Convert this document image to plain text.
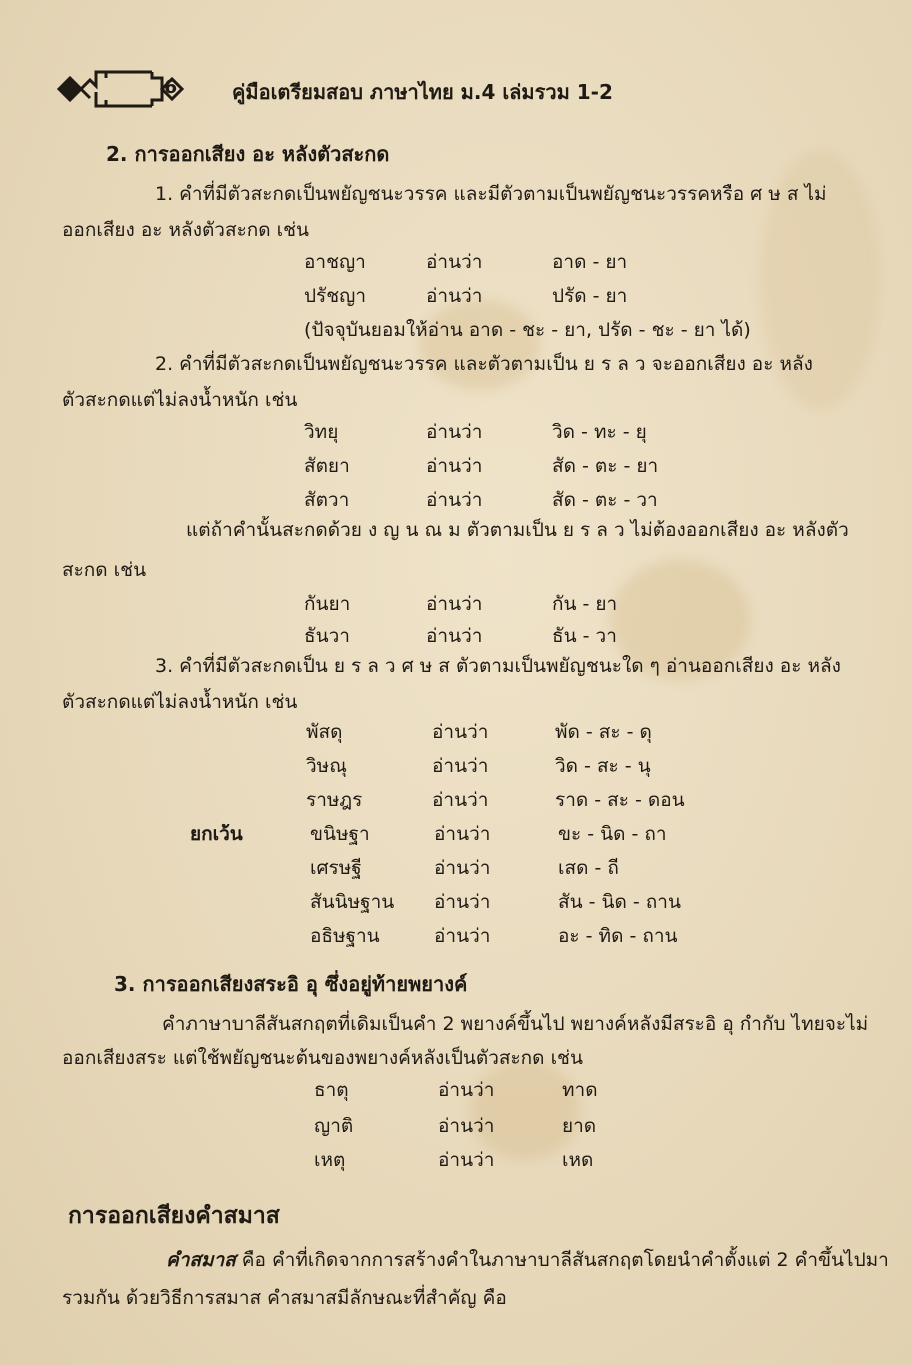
6	คู่มือเตรียมสอบ ภาษาไทย ม.4 เล่มรวม 1-2
2. การออกเสียง อะ หลังตัวสะกด
1. คำที่มีตัวสะกดเป็นพยัญชนะวรรค และมีตัวตามเป็นพยัญชนะวรรคหรือ ศ ษ ส ไม่
ออกเสียง อะ หลังตัวสะกด เช่น
อาชญา	อ่านว่า	อาด - ยา
ปรัชญา	อ่านว่า	ปรัด - ยา
(ปัจจุบันยอมให้อ่าน อาด - ชะ - ยา, ปรัด - ชะ - ยา ได้)
2. คำที่มีตัวสะกดเป็นพยัญชนะวรรค และตัวตามเป็น ย ร ล ว จะออกเสียง อะ หลัง
ตัวสะกดแต่ไม่ลงน้ำหนัก เช่น
วิทยุ	อ่านว่า	วิด - ทะ - ยุ
สัตยา	อ่านว่า	สัด - ตะ - ยา
สัตวา	อ่านว่า	สัด - ตะ - วา
แต่ถ้าคำนั้นสะกดด้วย ง ญ น ณ ม ตัวตามเป็น ย ร ล ว ไม่ต้องออกเสียง อะ หลังตัว
สะกด เช่น
กันยา	อ่านว่า	กัน - ยา
ธันวา	อ่านว่า	ธัน - วา
3. คำที่มีตัวสะกดเป็น ย ร ล ว ศ ษ ส ตัวตามเป็นพยัญชนะใด ๆ อ่านออกเสียง อะ หลัง
ตัวสะกดแต่ไม่ลงน้ำหนัก เช่น
พัสดุ	อ่านว่า	พัด - สะ - ดุ
วิษณุ	อ่านว่า	วิด - สะ - นุ
ราษฎร	อ่านว่า	ราด - สะ - ดอน
ยกเว้น	ขนิษฐา	อ่านว่า	ขะ - นิด - ถา
เศรษฐี	อ่านว่า	เสด - ถี
สันนิษฐาน อ่านว่า	สัน - นิด - ถาน
อธิษฐาน	อ่านว่า	อะ - ทิด - ถาน
3. การออกเสียงสระอิ อุ ซึ่งอยู่ท้ายพยางค์
คำภาษาบาลีสันสกฤตที่เดิมเป็นคำ 2 พยางค์ขึ้นไป พยางค์หลังมีสระอิ อุ กำกับ ไทยจะไม่
ออกเสียงสระ แต่ใช้พยัญชนะต้นของพยางค์หลังเป็นตัวสะกด เช่น
ธาตุ	อ่านว่า	ทาด
ญาติ	อ่านว่า	ยาด
เหตุ	อ่านว่า	เหด
การออกเสียงคำสมาส
คำสมาส คือ คำที่เกิดจากการสร้างคำในภาษาบาลีสันสกฤตโดยนำคำตั้งแต่ 2 คำขึ้นไปมา
รวมกัน ด้วยวิธีการสมาส คำสมาสมีลักษณะที่สำคัญ คือ
